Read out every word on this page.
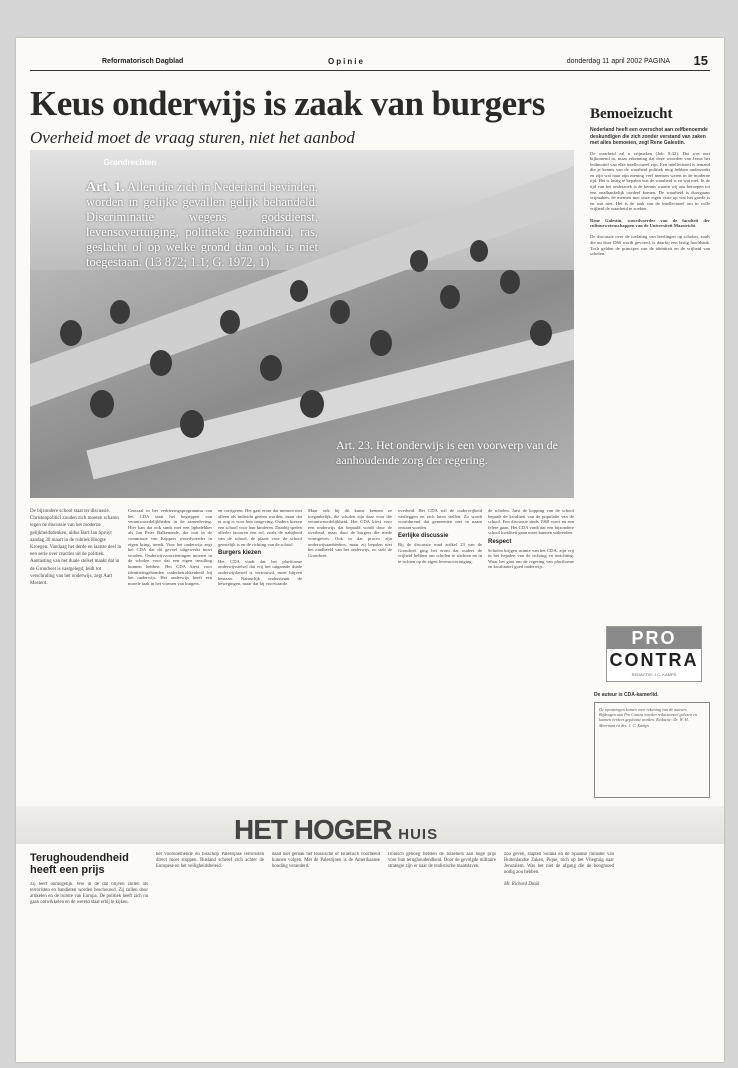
Reformatorisch Dagblad	Opinie	donderdag 11 april 2002 PAGINA 15
Keus onderwijs is zaak van burgers
Overheid moet de vraag sturen, niet het aanbod
Grondrechten
Art. 1. Allen die zich in Nederland bevinden, worden in gelijke gevallen gelijk behandeld. Discriminatie wegens godsdienst, levensovertuiging, politieke gezindheid, ras, geslacht of op welke grond dan ook, is niet toegestaan. (13 872; 1.1; G. 1972, 1)
Art. 23. Het onderwijs is een voorwerp van de aanhoudende zorg der regering.
De bijzondere school staat ter discussie. Christenpolitici zouden zich moeten scharen tegen de discussie van het moderne gelijkheidsdenken, aldus Bart Jan Spruyt aandag 30 maart in de rubriek Hoogte Kroegen. Vandaag het derde en laatste deel in een serie over reacties uit de politiek. Aantasting van het duale stelsel maakt dat in de Grondwet is vastgelegd, leidt tot verschraling van het onderwijs, zegt Aart Mesterd.
Centraal in het verkiezingsprogramma van het CDA staat het begrippen van verantwoordelijkheden in de samenleving. Hier kan dat ook sinds met een liphelekker als Jan Peter Balkenende, die ooit in de commissie van Koppers woordvoerder in eigen kring, treedt. Voor het onderwijs zegt het CDA dat dit gevoel uitgewerkt moet worden. Onderwijsvoorzieningen moeten in de scholen voor dat een eigen invulling kunnen hebben. Het CDA kiest voor identiteitsgebonden ouderbetrokkenheid bij het onderwijs. Het onderwijs heeft een morele taak in het vormen van burgers.
en corrigeren. Het gaat erom dat mensen niet alleen als individu gezien worden, maar dat er oog is voor hun omgeving. Ouders kiezen een school voor hun kinderen. Daarbij spelen allerlei factoren een rol, zoals de nabijheid van de school, de plaats voor de school geestelijk is en de richting van de school.
Burgers kiezen
Het CDA vindt dat het pluriforme onderwijsstelsel dat vrij het uitgaande duale onderwijsbestel is vertrouwd, moet blijven bestaan. Natuurlijk ondersteunt de bewegingen, maar dat bij voorwaarde.
Maar ook bij dit kunst kennen ze toegankelijk, die scholen zijn daar voor die verantwoordelijkheid. Het CDA kiest voor een onderwijs dat bepaald wordt door de overheid, maar door de burgers die mede vormgeven. Ook in dat proces zijn onderwijsaanbieders, maar zij bepalen niet het eindbeeld van het onderwijs, zo stelt de Grondwet.
overheid. Het CDA wil de oudervrijheid vastleggen en zich laten stellen. Zo wordt voortdurend dat gemeenten niet in naam onstaat worden.
Eerlijke discussie
Bij de discussie rond artikel 23 van de Grondwet ging het erom dat ouders de vrijheid hebben om scholen te stichten en in te richten op de eigen levensovertuiging.
de scholen. Juist de kopping van de school bepaalt de kwaliteit van de populatie van de school. Een discussie sinds 1968 voert nu een felere gaan. Het CDA vindt dat een bijzondere school kwaliteit gaan moet kunnen uitbreiden.
Respect
Scholen krijgen ruimte van het CDA, zijn vrij in het bepalen van de richting en inrichting. Waar het gaat om de regering van pluriforme en kwalitatief goed onderwijs.
Bemoeizucht
Nederland heeft een overschot aan zelfbenoemde deskundigen die zich zonder verstand van zaken met alles bemoeien, zegt Rene Galestin.
De waarheid zal u vrijmaken (Joh. 8:32). Dat was niet bijkomend in, maar erkenning dat deze woorden van Jezus het leidmotief van elke intellectueel zijn. Een intellectueel is iemand die je kennis van de waarheid politiek mog hebben onderzoekt en zijn wat naar zijn mening veel mensen waren in de moderne tijd. Het is lastig te bepalen wat de waarheid is en wat niet. In de tijd van het onderzoek is de kennis waarin wij ons beroepen tot een onafhankelijk oordeel komen. De waarheid is doorgaans vrijmaken, de mensen met onze eigen visie op wat het goede is en wat niet. Het is de taak van de intellectueel om in volle vrijheid de waarheid te zoeken.

Rene Galestin, woordvoerder van de faculteit der cultuurwetenschappen van de Universiteit Maastricht

De discussie over de toelating van leerlingen op scholen, zoals die nu door D66 wordt gevoerd, is daarbij een lastig hoofdstuk. Toch gelden de principes van de identiteit en de vrijheid van scholen.
PRO
CONTRA
REDACTIE: J.C. KAMPS
De auteur is CDA-kamerlid.
De opvattingen komen voor rekening van de auteurs. Bijdragen aan Pro Contra worden redactioneel gelezen en kunnen verkort geplaatst worden. Redactie: Dr. W. H. Meerman en drs. J. C. Kamps
HET HOGER HUIS
Terughoudendheid heeft een prijs
Zij leert onmogelijk. Wie in de dat blijven zullen als terroristen en bandieten worden beschouwd. Zij zullen door artikelen en de ruimte van Europa. De politiek heeft zich nu gaan ontwikkelen en de wereld staat erbij te kijken.
het voornoemende en bisschop Palestijnse terroristen direct moet stoppen. Rusland schreef zich achter de Europese en het veiligheidsbeleid.
daad niet gemak het Russische of Israelisch voorbeeld kunnen volgen. Met de Palestijnen is de Amerikaanse houding veranderd.
Ironisch genoeg fietsten de Israeliers aan hoge prijs voor hun terughoudendheid. Door de gevolgde militaire strategie zijn er naar de realistische maatstaven.
zou geven, stapten Solana en de Spaanse minister van Buitenlandse Zaken, Pique, toch op het Vliegtuig naar Jeruzalem. Was het niet de afgang die de hoogmoed nodig zou hebben.

Mr. Richard Dusik
